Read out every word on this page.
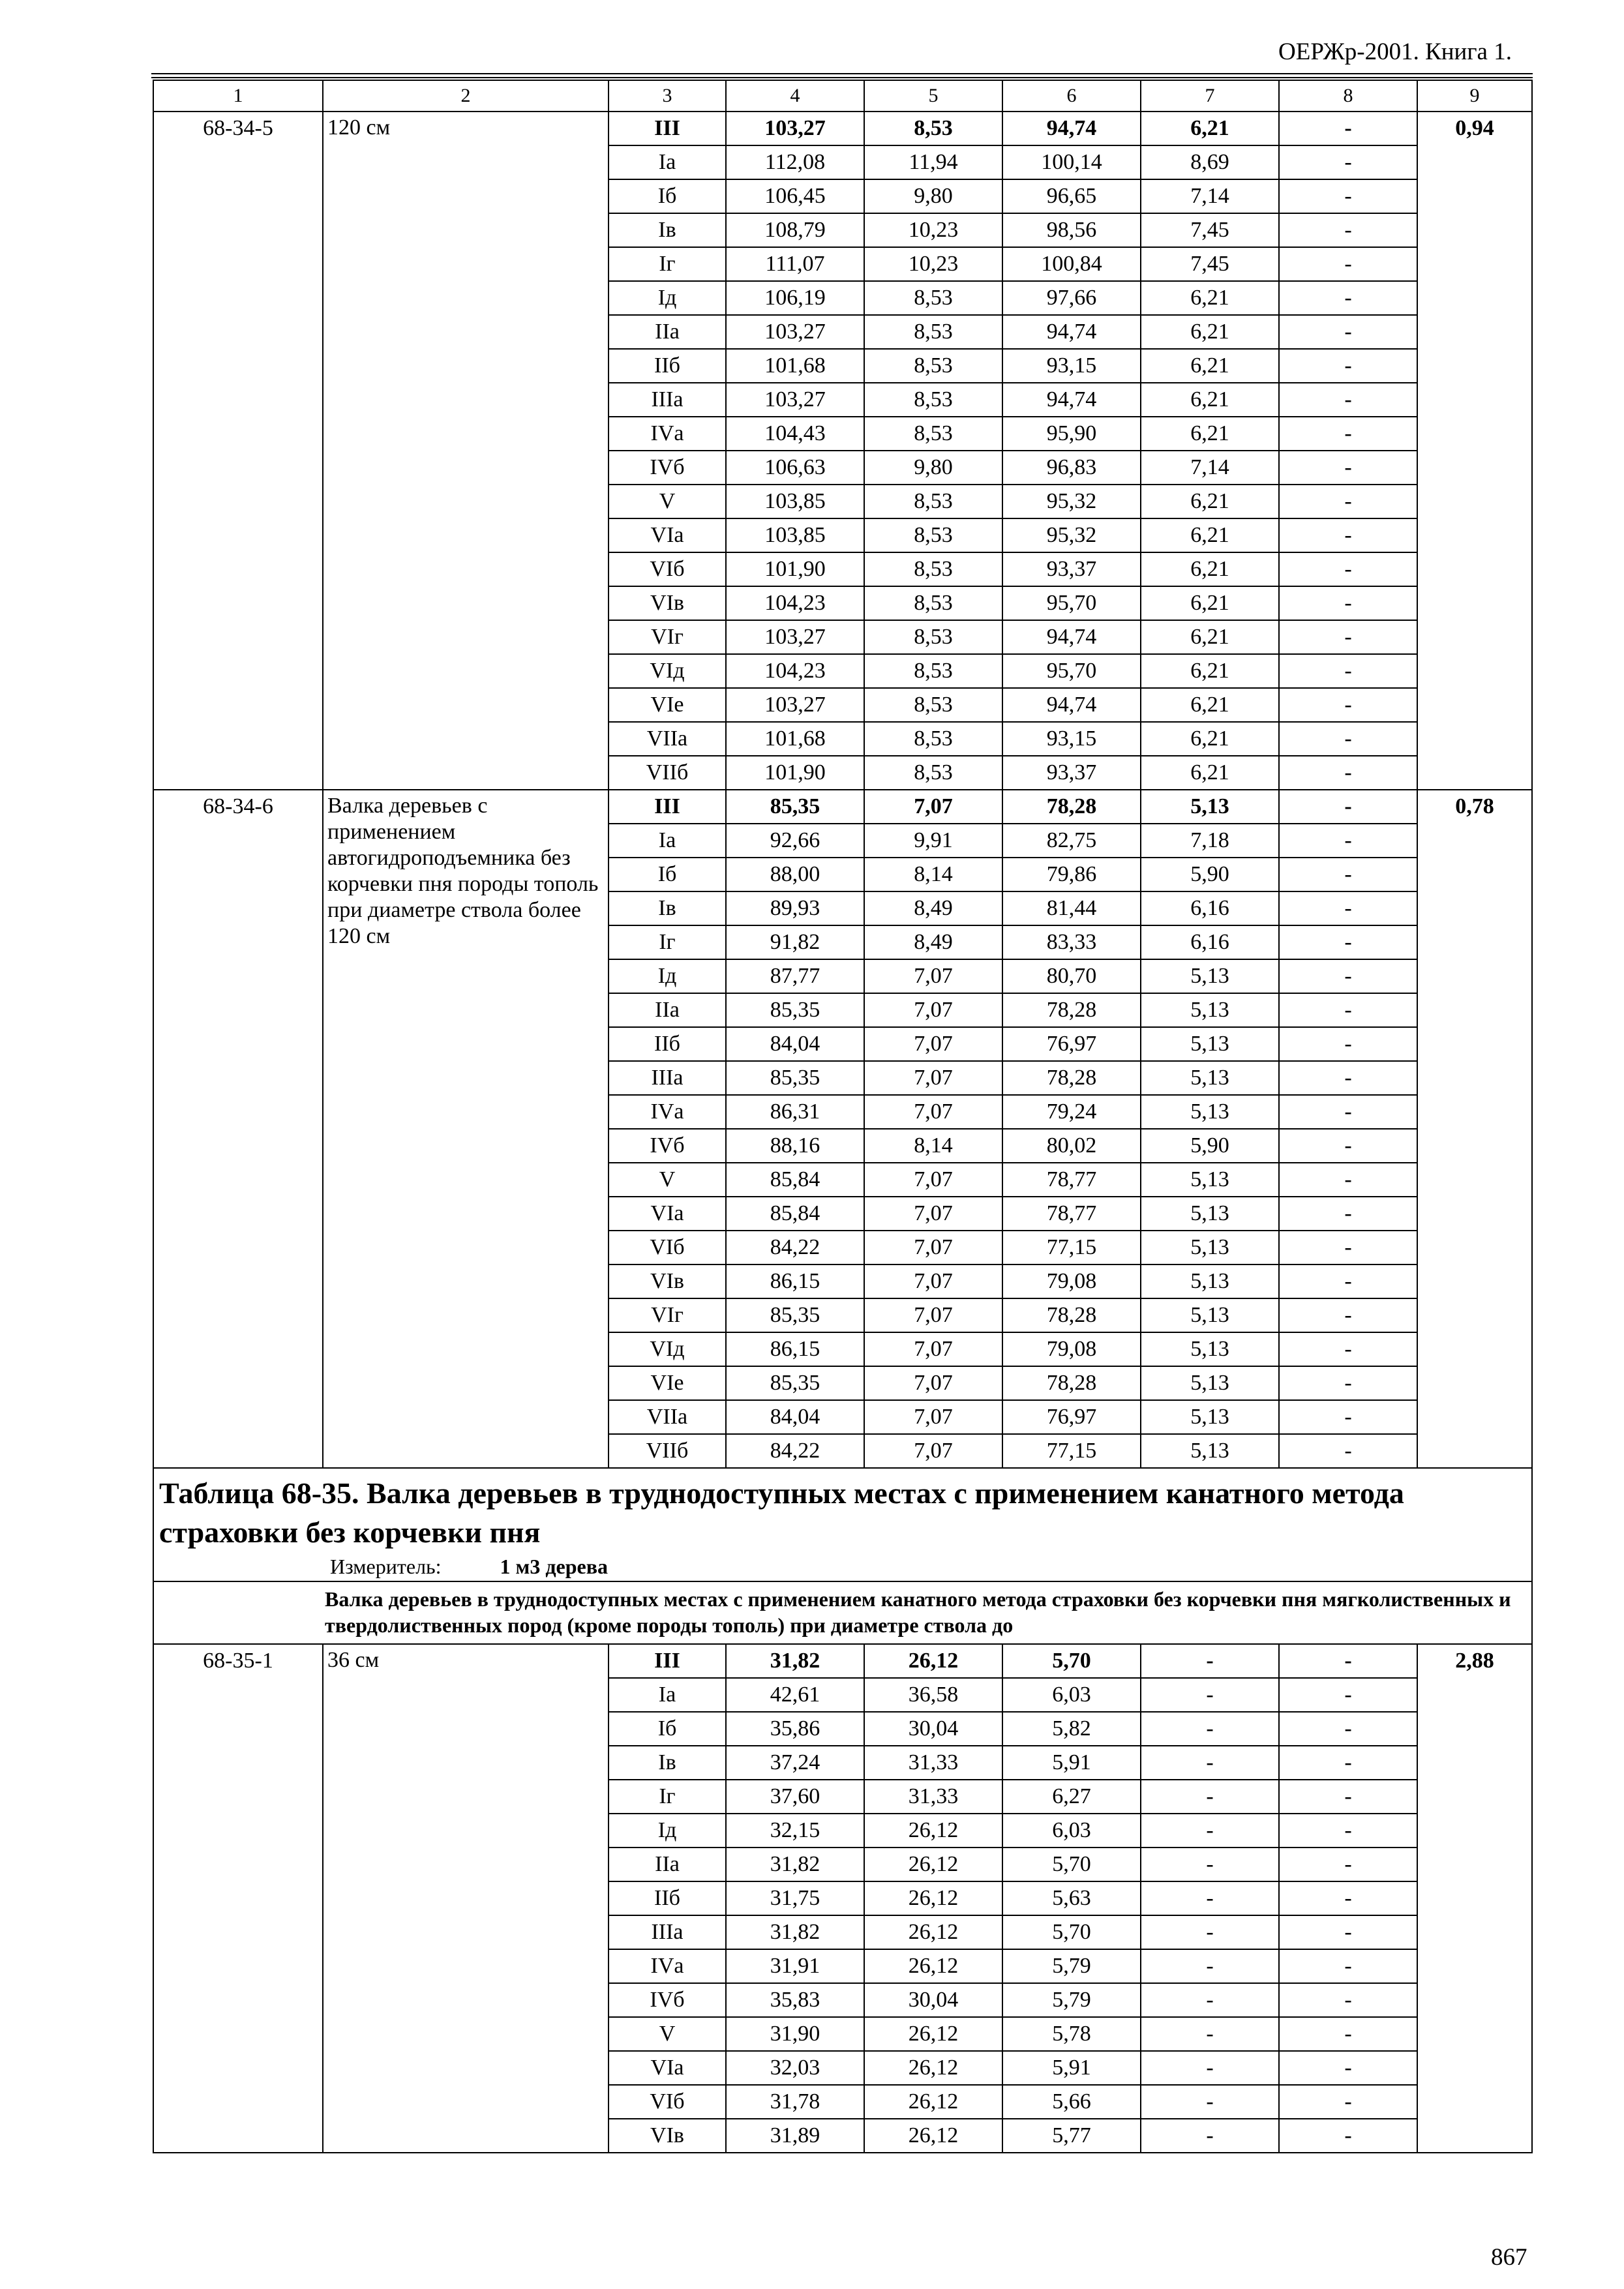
ОЕРЖр-2001. Книга 1.
1	2	3	4	5	6	7	8	9
68-34-5	120 см	III	103,27	8,53	94,74	6,21	-	0,94
		Iа	112,08	11,94	100,14	8,69	-	
		Iб	106,45	9,80	96,65	7,14	-	
		Iв	108,79	10,23	98,56	7,45	-	
		Iг	111,07	10,23	100,84	7,45	-	
		Iд	106,19	8,53	97,66	6,21	-	
		IIа	103,27	8,53	94,74	6,21	-	
		IIб	101,68	8,53	93,15	6,21	-	
		IIIа	103,27	8,53	94,74	6,21	-	
		IVа	104,43	8,53	95,90	6,21	-	
		IVб	106,63	9,80	96,83	7,14	-	
		V	103,85	8,53	95,32	6,21	-	
		VIа	103,85	8,53	95,32	6,21	-	
		VIб	101,90	8,53	93,37	6,21	-	
		VIв	104,23	8,53	95,70	6,21	-	
		VIг	103,27	8,53	94,74	6,21	-	
		VIд	104,23	8,53	95,70	6,21	-	
		VIе	103,27	8,53	94,74	6,21	-	
		VIIа	101,68	8,53	93,15	6,21	-	
		VIIб	101,90	8,53	93,37	6,21	-	
68-34-6	Валка деревьев с применением автогидроподъемника без корчевки пня породы тополь при диаметре ствола более 120 см	III	85,35	7,07	78,28	5,13	-	0,78
		Iа	92,66	9,91	82,75	7,18	-	
		Iб	88,00	8,14	79,86	5,90	-	
		Iв	89,93	8,49	81,44	6,16	-	
		Iг	91,82	8,49	83,33	6,16	-	
		Iд	87,77	7,07	80,70	5,13	-	
		IIа	85,35	7,07	78,28	5,13	-	
		IIб	84,04	7,07	76,97	5,13	-	
		IIIа	85,35	7,07	78,28	5,13	-	
		IVа	86,31	7,07	79,24	5,13	-	
		IVб	88,16	8,14	80,02	5,90	-	
		V	85,84	7,07	78,77	5,13	-	
		VIа	85,84	7,07	78,77	5,13	-	
		VIб	84,22	7,07	77,15	5,13	-	
		VIв	86,15	7,07	79,08	5,13	-	
		VIг	85,35	7,07	78,28	5,13	-	
		VIд	86,15	7,07	79,08	5,13	-	
		VIе	85,35	7,07	78,28	5,13	-	
		VIIа	84,04	7,07	76,97	5,13	-	
		VIIб	84,22	7,07	77,15	5,13	-	

Таблица 68-35. Валка деревьев в труднодоступных местах с применением канатного метода страховки без корчевки пня
Измеритель: 1 м3 дерева								

Валка деревьев в труднодоступных местах с применением канатного метода страховки без корчевки пня мягколиственных и твердолиственных пород (кроме породы тополь) при диаметре ствола до								
68-35-1	36 см	III	31,82	26,12	5,70	-	-	2,88
		Iа	42,61	36,58	6,03	-	-	
		Iб	35,86	30,04	5,82	-	-	
		Iв	37,24	31,33	5,91	-	-	
		Iг	37,60	31,33	6,27	-	-	
		Iд	32,15	26,12	6,03	-	-	
		IIа	31,82	26,12	5,70	-	-	
		IIб	31,75	26,12	5,63	-	-	
		IIIа	31,82	26,12	5,70	-	-	
		IVа	31,91	26,12	5,79	-	-	
		IVб	35,83	30,04	5,79	-	-	
		V	31,90	26,12	5,78	-	-	
		VIа	32,03	26,12	5,91	-	-	
		VIб	31,78	26,12	5,66	-	-	
		VIв	31,89	26,12	5,77	-	-	
867
